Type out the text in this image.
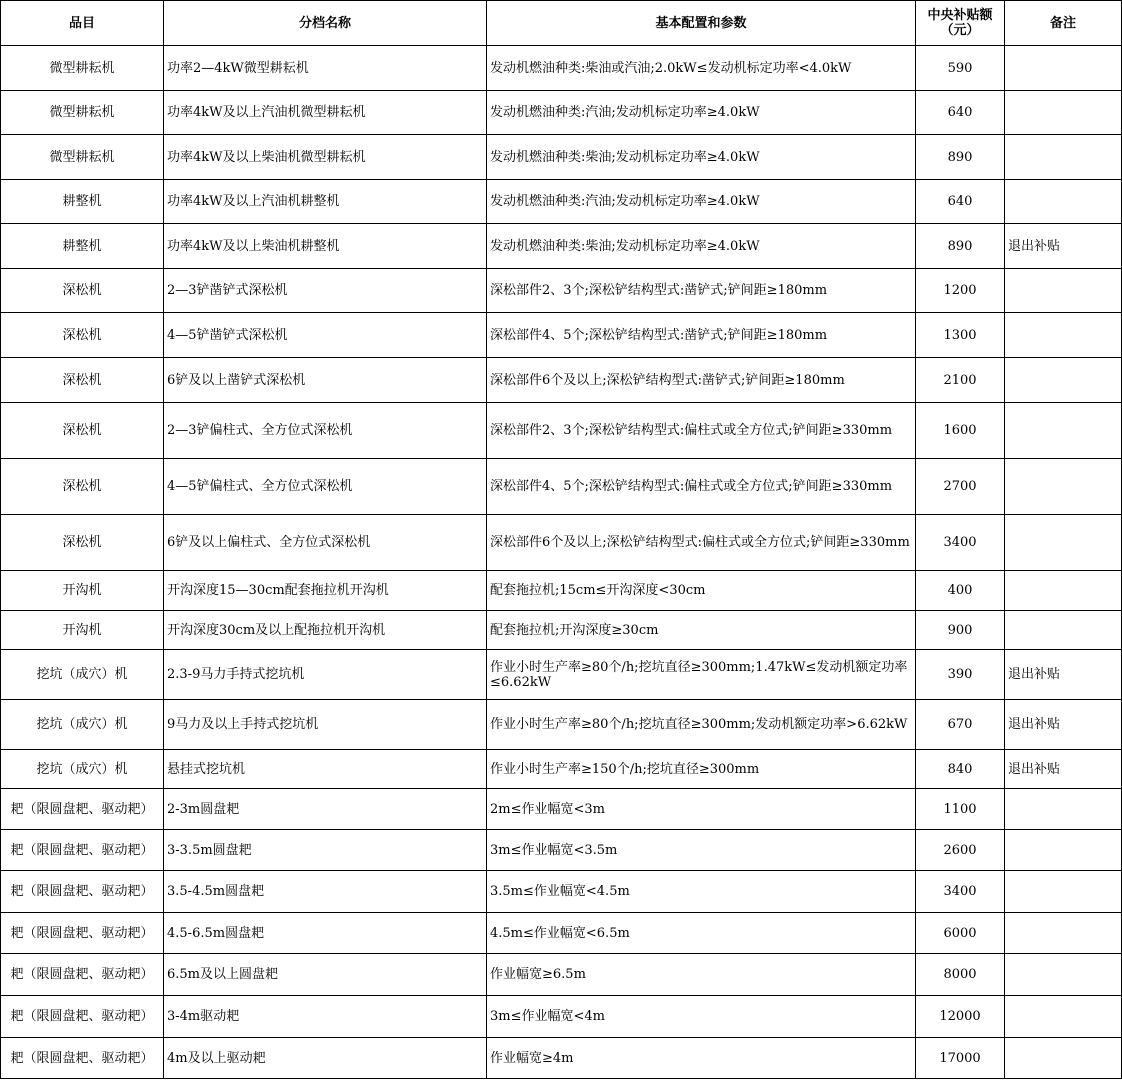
品目	分档名称	基本配置和参数	中央补贴额（元）	备注
微型耕耘机	功率2—4kW微型耕耘机	发动机燃油种类:柴油或汽油;2.0kW≤发动机标定功率<4.0kW	590	
微型耕耘机	功率4kW及以上汽油机微型耕耘机	发动机燃油种类:汽油;发动机标定功率≥4.0kW	640	
微型耕耘机	功率4kW及以上柴油机微型耕耘机	发动机燃油种类:柴油;发动机标定功率≥4.0kW	890	
耕整机	功率4kW及以上汽油机耕整机	发动机燃油种类:汽油;发动机标定功率≥4.0kW	640	
耕整机	功率4kW及以上柴油机耕整机	发动机燃油种类:柴油;发动机标定功率≥4.0kW	890	退出补贴
深松机	2—3铲凿铲式深松机	深松部件2、3个;深松铲结构型式:凿铲式;铲间距≥180mm	1200	
深松机	4—5铲凿铲式深松机	深松部件4、5个;深松铲结构型式:凿铲式;铲间距≥180mm	1300	
深松机	6铲及以上凿铲式深松机	深松部件6个及以上;深松铲结构型式:凿铲式;铲间距≥180mm	2100	
深松机	2—3铲偏柱式、全方位式深松机	深松部件2、3个;深松铲结构型式:偏柱式或全方位式;铲间距≥330mm	1600	
深松机	4—5铲偏柱式、全方位式深松机	深松部件4、5个;深松铲结构型式:偏柱式或全方位式;铲间距≥330mm	2700	
深松机	6铲及以上偏柱式、全方位式深松机	深松部件6个及以上;深松铲结构型式:偏柱式或全方位式;铲间距≥330mm	3400	
开沟机	开沟深度15—30cm配套拖拉机开沟机	配套拖拉机;15cm≤开沟深度<30cm	400	
开沟机	开沟深度30cm及以上配拖拉机开沟机	配套拖拉机;开沟深度≥30cm	900	
挖坑（成穴）机	2.3-9马力手持式挖坑机	作业小时生产率≥80个/h;挖坑直径≥300mm;1.47kW≤发动机额定功率≤6.62kW	390	退出补贴
挖坑（成穴）机	9马力及以上手持式挖坑机	作业小时生产率≥80个/h;挖坑直径≥300mm;发动机额定功率>6.62kW	670	退出补贴
挖坑（成穴）机	悬挂式挖坑机	作业小时生产率≥150个/h;挖坑直径≥300mm	840	退出补贴
耙（限圆盘耙、驱动耙）	2-3m圆盘耙	2m≤作业幅宽<3m	1100	
耙（限圆盘耙、驱动耙）	3-3.5m圆盘耙	3m≤作业幅宽<3.5m	2600	
耙（限圆盘耙、驱动耙）	3.5-4.5m圆盘耙	3.5m≤作业幅宽<4.5m	3400	
耙（限圆盘耙、驱动耙）	4.5-6.5m圆盘耙	4.5m≤作业幅宽<6.5m	6000	
耙（限圆盘耙、驱动耙）	6.5m及以上圆盘耙	作业幅宽≥6.5m	8000	
耙（限圆盘耙、驱动耙）	3-4m驱动耙	3m≤作业幅宽<4m	12000	
耙（限圆盘耙、驱动耙）	4m及以上驱动耙	作业幅宽≥4m	17000	
